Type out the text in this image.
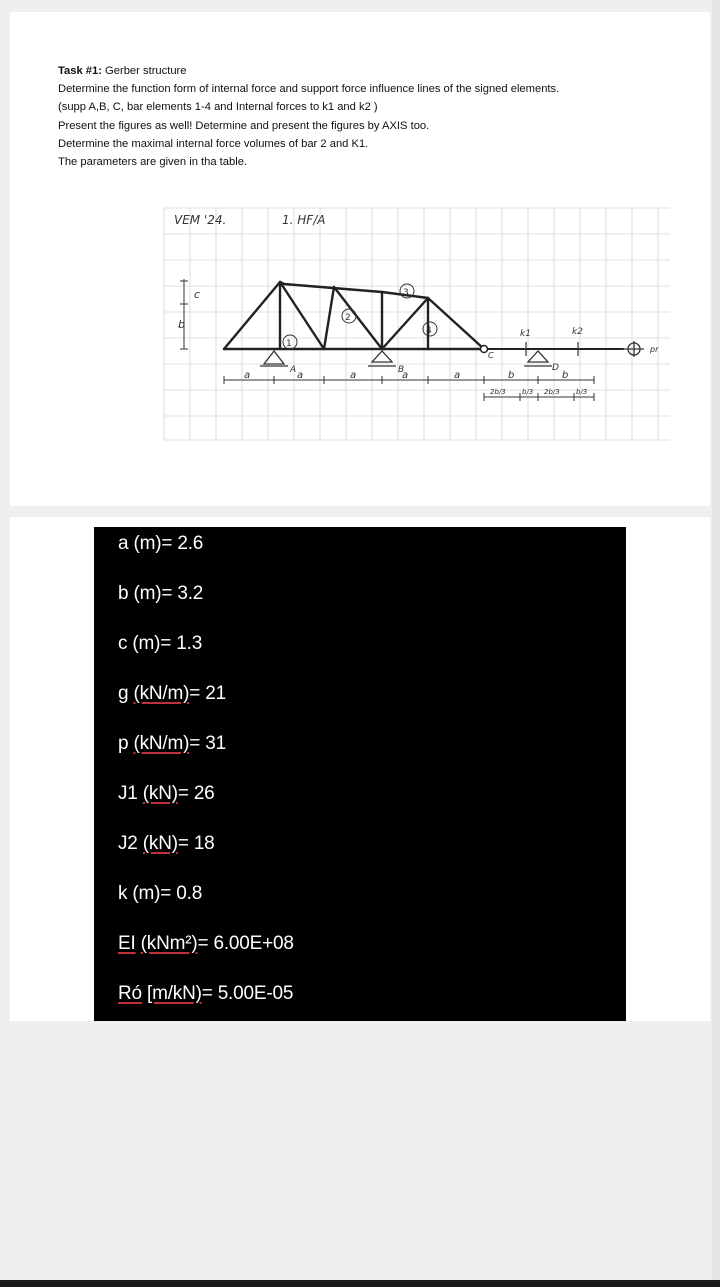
Task #1: Gerber structure
Determine the function form of internal force and support force influence lines of the signed elements.
(supp A,B, C, bar elements 1-4 and Internal forces to k1 and k2 )
Present the figures as well! Determine and present the figures by AXIS too.
Determine the maximal internal force volumes of bar 2 and K1.
The parameters are given in tha table.
VEM '24.	1. HF/A
c
b
1
2
3
4
A	B	D
C
k1	k2
pr
a	a	a	a	a	b	b
2b/3 b/3 2b/3 b/3
a (m)= 2.6
b (m)= 3.2
c (m)= 1.3
g (kN/m)= 21
p (kN/m)= 31
J1 (kN)= 26
J2 (kN)= 18
k (m)= 0.8
EI (kNm²)= 6.00E+08
Ró [m/kN)= 5.00E-05
